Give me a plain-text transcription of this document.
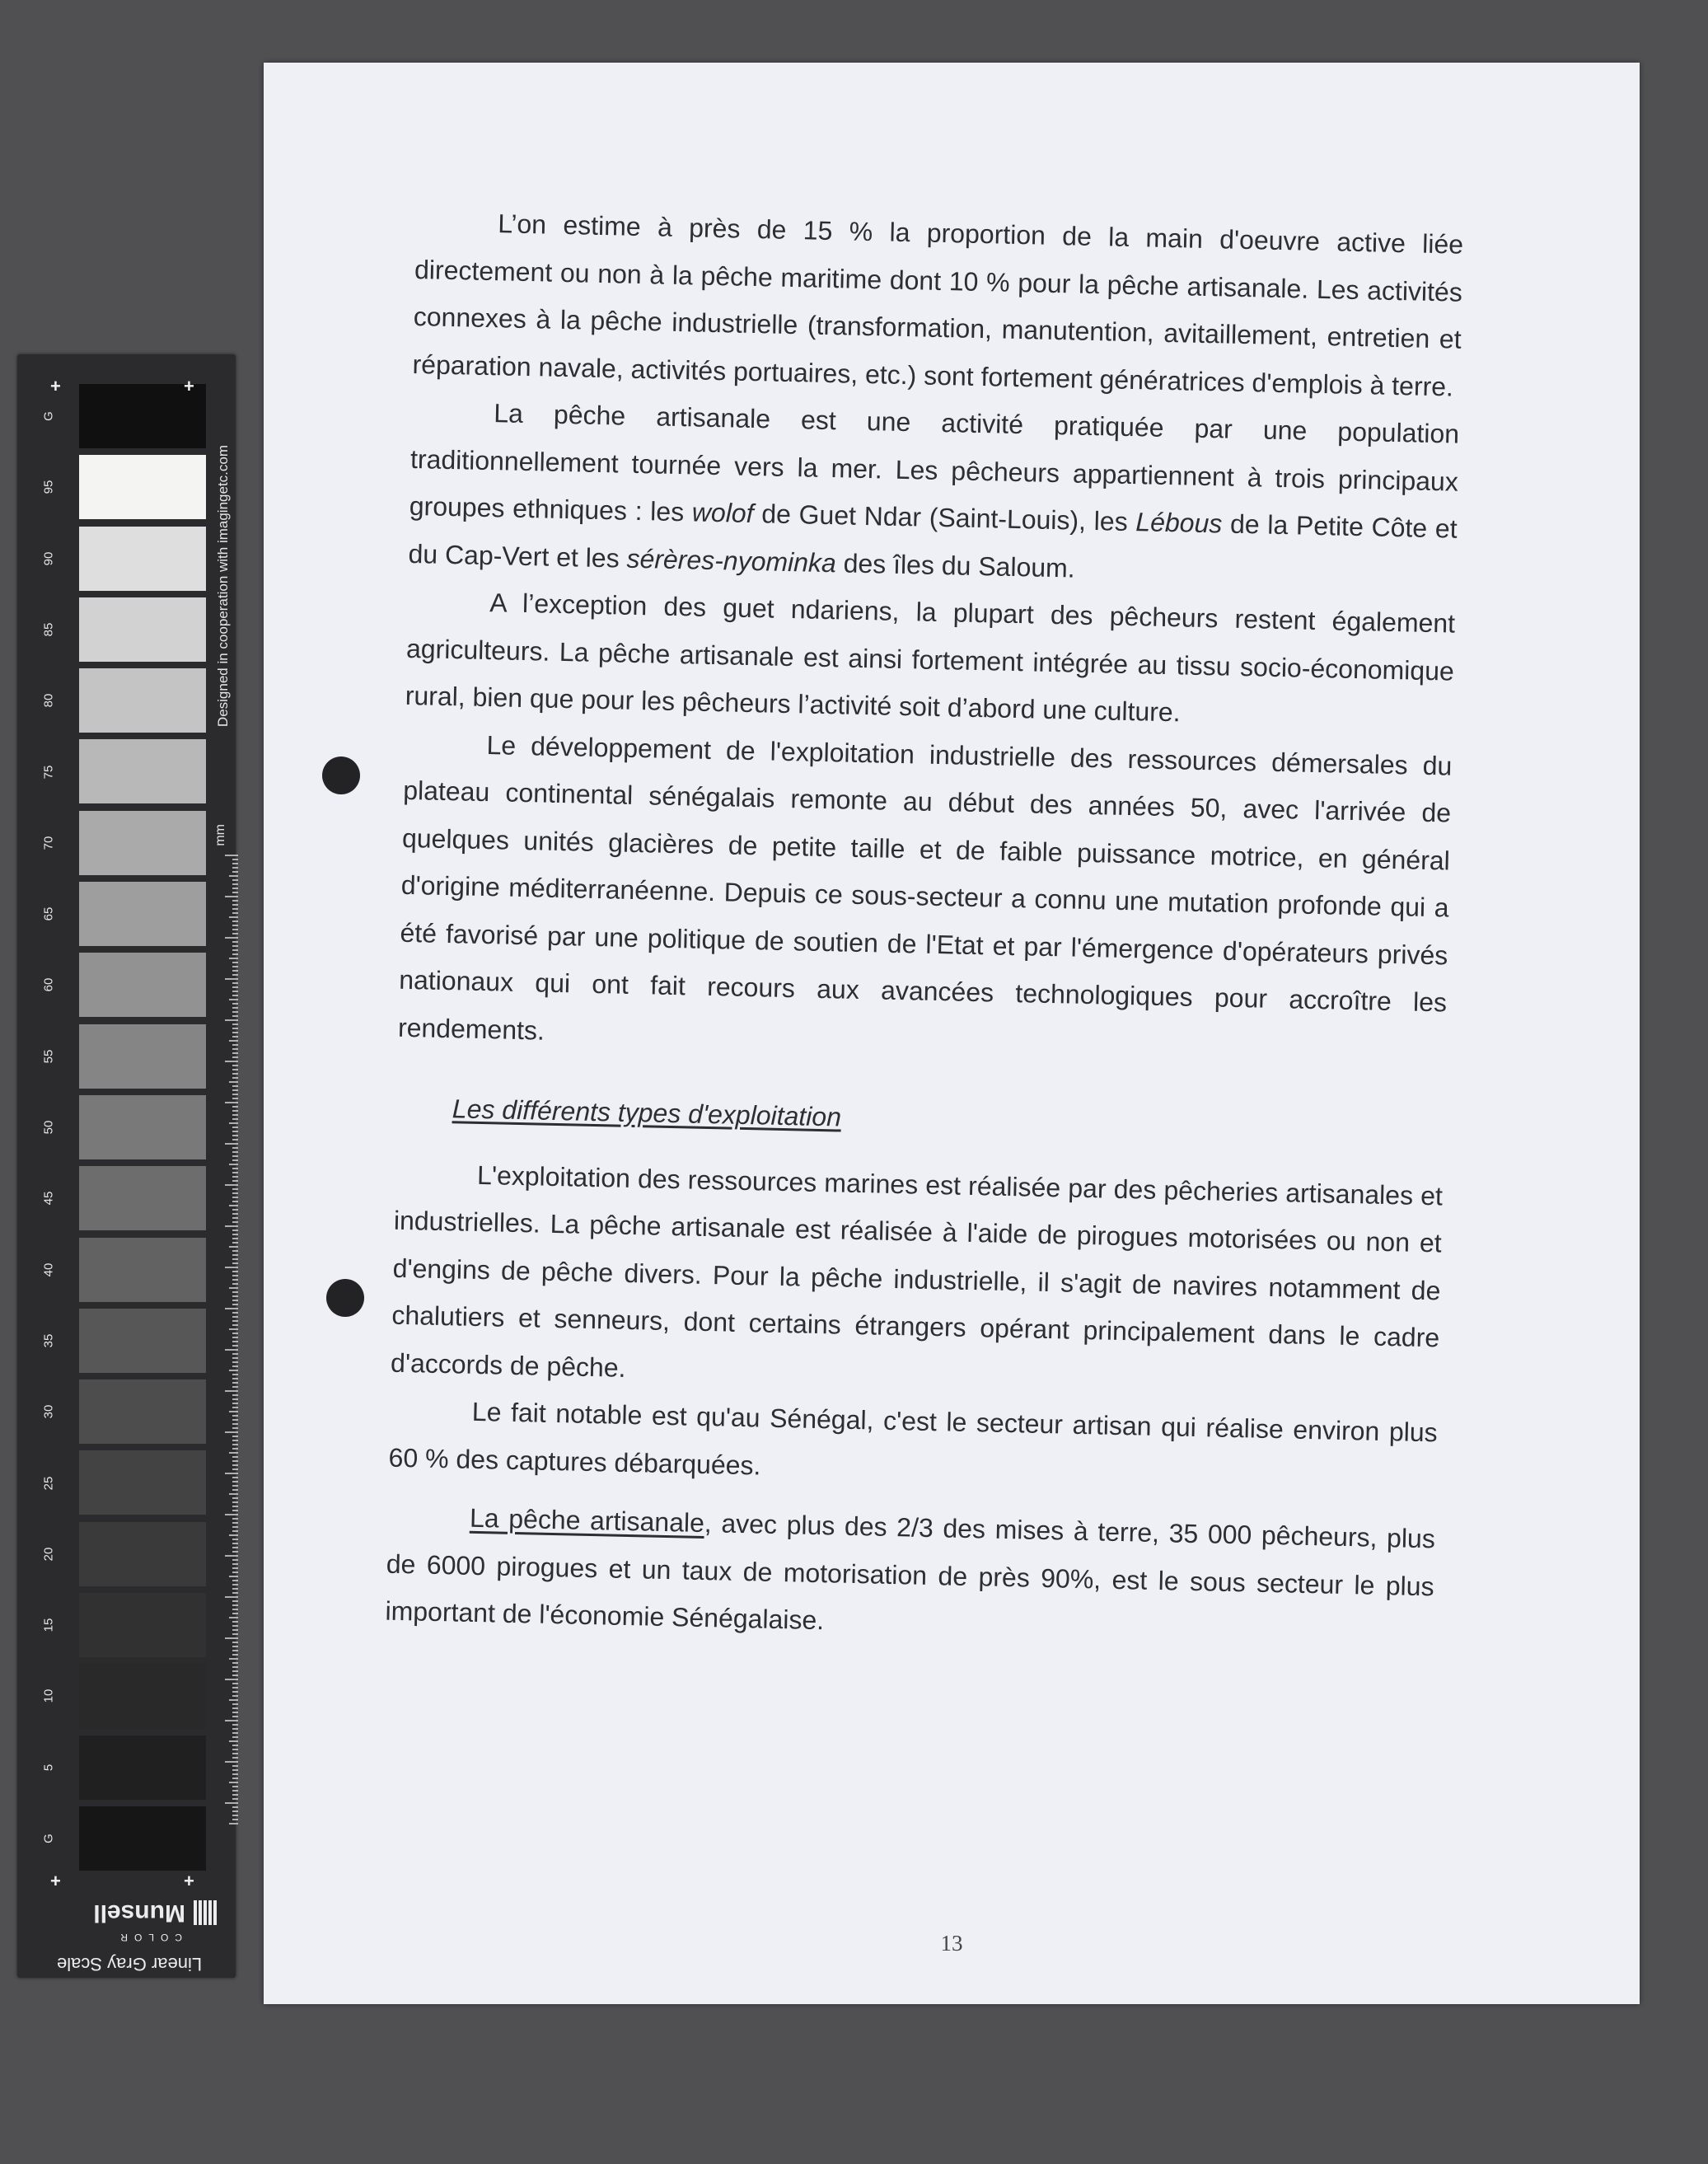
L’on estime à près de 15 % la proportion de la main d'oeuvre active liée directement ou non à la pêche maritime dont 10 % pour la pêche artisanale. Les activités connexes à la pêche industrielle (transformation, manutention, avitaillement, entretien et réparation navale, activités portuaires, etc.) sont fortement génératrices d'emplois à terre.

La pêche artisanale est une activité pratiquée par une population traditionnellement tournée vers la mer. Les pêcheurs appartiennent à trois principaux groupes ethniques : les wolof de Guet Ndar (Saint-Louis), les Lébous de la Petite Côte et du Cap-Vert et les sérères-nyominka des îles du Saloum.

A l’exception des guet ndariens, la plupart des pêcheurs restent également agriculteurs. La pêche artisanale est ainsi fortement intégrée au tissu socio-économique rural, bien que pour les pêcheurs l’activité soit d’abord une culture.

Le développement de l'exploitation industrielle des ressources démersales du plateau continental sénégalais remonte au début des années 50, avec l'arrivée de quelques unités glacières de petite taille et de faible puissance motrice, en général d'origine méditerranéenne. Depuis ce sous-secteur a connu une mutation profonde qui a été favorisé par une politique de soutien de l'Etat et par l'émergence d'opérateurs privés nationaux qui ont fait recours aux avancées technologiques pour accroître les rendements.

Les différents types d'exploitation

L'exploitation des ressources marines est réalisée par des pêcheries artisanales et industrielles. La pêche artisanale est réalisée à l'aide de pirogues motorisées ou non et d'engins de pêche divers. Pour la pêche industrielle, il s'agit de navires notamment de chalutiers et senneurs, dont certains étrangers opérant principalement dans le cadre d'accords de pêche.

Le fait notable est qu'au Sénégal, c'est le secteur artisan qui réalise environ plus 60 % des captures débarquées.

La pêche artisanale, avec plus des 2/3 des mises à terre, 35 000 pêcheurs, plus de 6000 pirogues et un taux de motorisation de près 90%, est le sous secteur le plus important de l'économie Sénégalaise.

13
G
95
90
85
80
75
70
65
60
55
50
45
40
35
30
25
20
15
10
5
G
+	+
+	+
Designed in cooperation with imagingetc.com
mm
COLOR
Munsell
Linear Gray Scale
